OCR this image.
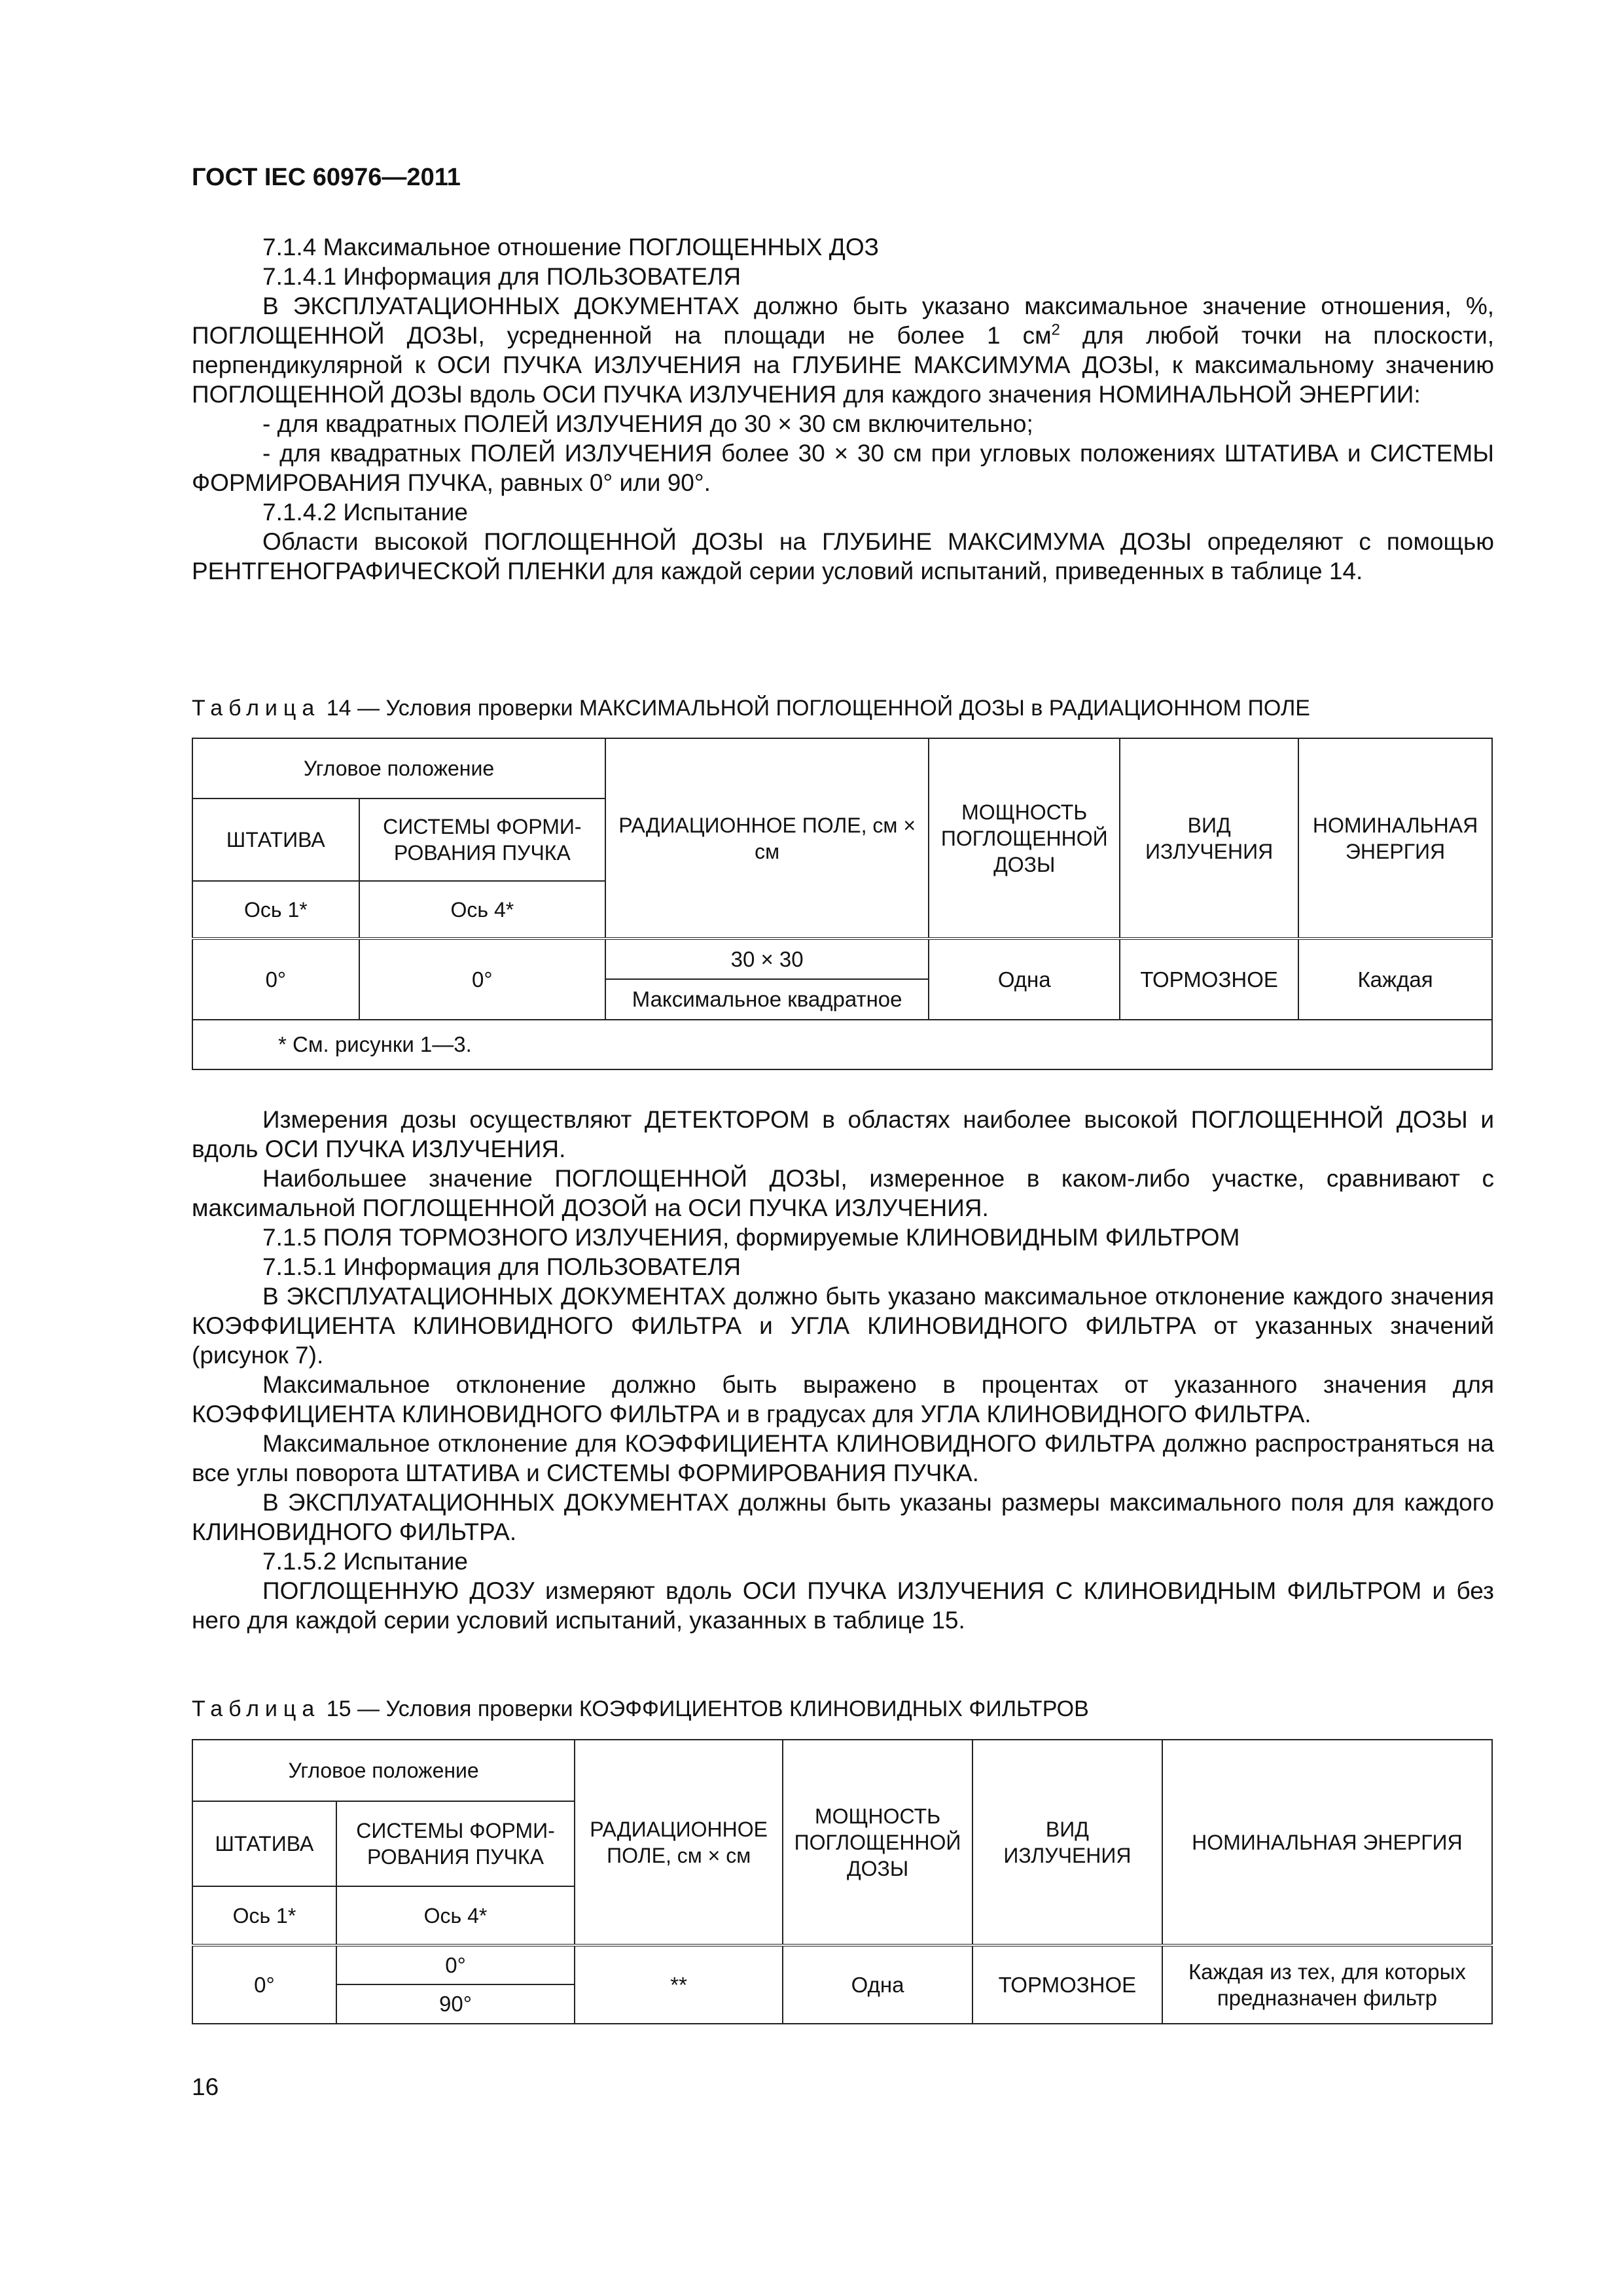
ГОСТ IEC 60976—2011

7.1.4 Максимальное отношение ПОГЛОЩЕННЫХ ДОЗ

7.1.4.1 Информация для ПОЛЬЗОВАТЕЛЯ

В ЭКСПЛУАТАЦИОННЫХ ДОКУМЕНТАХ должно быть указано максимальное значение отношения, %, ПОГЛОЩЕННОЙ ДОЗЫ, усредненной на площади не более 1 $см^2$ для любой точки на плоскости, перпендикулярной к ОСИ ПУЧКА ИЗЛУЧЕНИЯ на ГЛУБИНЕ МАКСИМУМА ДОЗЫ, к максимальному значению ПОГЛОЩЕННОЙ ДОЗЫ вдоль ОСИ ПУЧКА ИЗЛУЧЕНИЯ для каждого значения НОМИНАЛЬНОЙ ЭНЕРГИИ:

- для квадратных ПОЛЕЙ ИЗЛУЧЕНИЯ до 30 × 30 см включительно;

- для квадратных ПОЛЕЙ ИЗЛУЧЕНИЯ более 30 × 30 см при угловых положениях ШТАТИВА и СИСТЕМЫ ФОРМИРОВАНИЯ ПУЧКА, равных 0° или 90°.

7.1.4.2 Испытание

Области высокой ПОГЛОЩЕННОЙ ДОЗЫ на ГЛУБИНЕ МАКСИМУМА ДОЗЫ определяют с помощью РЕНТГЕНОГРАФИЧЕСКОЙ ПЛЕНКИ для каждой серии условий испытаний, приведенных в таблице 14.

Таблица 14 — Условия проверки МАКСИМАЛЬНОЙ ПОГЛОЩЕННОЙ ДОЗЫ в РАДИАЦИОННОМ ПОЛЕ
Угловое положение		РАДИАЦИОННОЕ ПОЛЕ, см × см	МОЩНОСТЬ ПОГЛОЩЕННОЙ ДОЗЫ	ВИД ИЗЛУЧЕНИЯ	НОМИНАЛЬНАЯ ЭНЕРГИЯ
ШТАТИВА	СИСТЕМЫ ФОРМИ-РОВАНИЯ ПУЧКА				
Ось 1*	Ось 4*				
0°	0°	30 × 30	Одна	ТОРМОЗНОЕ	Каждая
		Максимальное квадратное			
* См. рисунки 1—3.					

Измерения дозы осуществляют ДЕТЕКТОРОМ в областях наиболее высокой ПОГЛОЩЕННОЙ ДОЗЫ и вдоль ОСИ ПУЧКА ИЗЛУЧЕНИЯ.

Наибольшее значение ПОГЛОЩЕННОЙ ДОЗЫ, измеренное в каком-либо участке, сравнивают с максимальной ПОГЛОЩЕННОЙ ДОЗОЙ на ОСИ ПУЧКА ИЗЛУЧЕНИЯ.

7.1.5 ПОЛЯ ТОРМОЗНОГО ИЗЛУЧЕНИЯ, формируемые КЛИНОВИДНЫМ ФИЛЬТРОМ

7.1.5.1 Информация для ПОЛЬЗОВАТЕЛЯ

В ЭКСПЛУАТАЦИОННЫХ ДОКУМЕНТАХ должно быть указано максимальное отклонение каждого значения КОЭФФИЦИЕНТА КЛИНОВИДНОГО ФИЛЬТРА и УГЛА КЛИНОВИДНОГО ФИЛЬТРА от указанных значений (рисунок 7).

Максимальное отклонение должно быть выражено в процентах от указанного значения для КОЭФФИЦИЕНТА КЛИНОВИДНОГО ФИЛЬТРА и в градусах для УГЛА КЛИНОВИДНОГО ФИЛЬТРА.

Максимальное отклонение для КОЭФФИЦИЕНТА КЛИНОВИДНОГО ФИЛЬТРА должно распространяться на все углы поворота ШТАТИВА и СИСТЕМЫ ФОРМИРОВАНИЯ ПУЧКА.

В ЭКСПЛУАТАЦИОННЫХ ДОКУМЕНТАХ должны быть указаны размеры максимального поля для каждого КЛИНОВИДНОГО ФИЛЬТРА.

7.1.5.2 Испытание

ПОГЛОЩЕННУЮ ДОЗУ измеряют вдоль ОСИ ПУЧКА ИЗЛУЧЕНИЯ С КЛИНОВИДНЫМ ФИЛЬТРОМ и без него для каждой серии условий испытаний, указанных в таблице 15.

Таблица 15 — Условия проверки КОЭФФИЦИЕНТОВ КЛИНОВИДНЫХ ФИЛЬТРОВ
Угловое положение		РАДИАЦИОННОЕ ПОЛЕ, см × см	МОЩНОСТЬ ПОГЛОЩЕННОЙ ДОЗЫ	ВИД ИЗЛУЧЕНИЯ	НОМИНАЛЬНАЯ ЭНЕРГИЯ
ШТАТИВА	СИСТЕМЫ ФОРМИ-РОВАНИЯ ПУЧКА				
Ось 1*	Ось 4*				
0°	0°	**	Одна	ТОРМОЗНОЕ	Каждая из тех, для которых предназначен фильтр
	90°				
16
